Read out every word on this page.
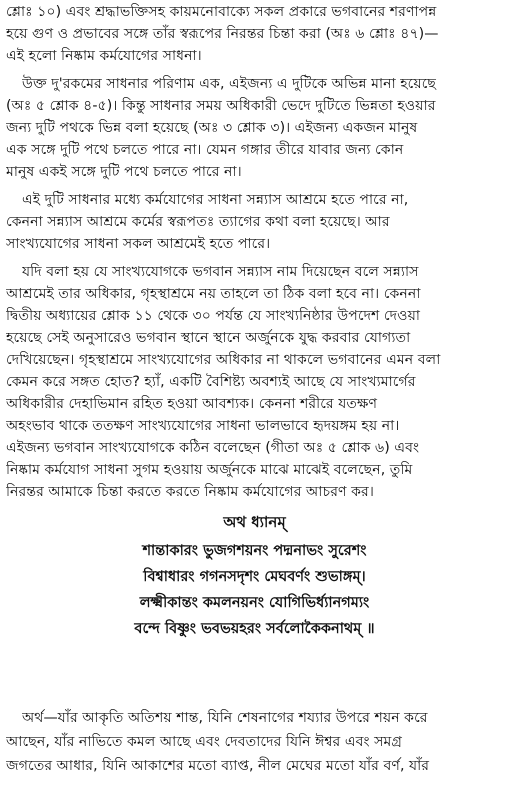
শ্লোঃ ১০) এবং শ্রদ্ধাভক্তিসহ কায়মনোবাক্যে সকল প্রকারে ভগবানের শরণাপন্ন
হয়ে গুণ ও প্রভাবের সঙ্গে তাঁর স্বরূপের নিরন্তর চিন্তা করা (অঃ ৬ শ্লোঃ ৪৭)—
এই হলো নিষ্কাম কর্মযোগের সাধনা।
উক্ত দু'রকমের সাধনার পরিণাম এক, এইজন্য এ দুটিকে অভিন্ন মানা হয়েছে
(অঃ ৫ শ্লোক ৪-৫)। কিন্তু সাধনার সময় অধিকারী ভেদে দুটিতে ভিন্নতা হওয়ার
জন্য দুটি পথকে ভিন্ন বলা হয়েছে (অঃ ৩ শ্লোক ৩)। এইজন্য একজন মানুষ
এক সঙ্গে দুটি পথে চলতে পারে না। যেমন গঙ্গার তীরে যাবার জন্য কোন
মানুষ একই সঙ্গে দুটি পথে চলতে পারে না।
এই দুটি সাধনার মধ্যে কর্মযোগের সাধনা সন্ন্যাস আশ্রমে হতে পারে না,
কেননা সন্ন্যাস আশ্রমে কর্মের স্বরূপতঃ ত্যাগের কথা বলা হয়েছে। আর
সাংখ্যযোগের সাধনা সকল আশ্রমেই হতে পারে।
যদি বলা হয় যে সাংখ্যযোগকে ভগবান সন্ন্যাস নাম দিয়েছেন বলে সন্ন্যাস
আশ্রমেই তার অধিকার, গৃহস্থাশ্রমে নয় তাহলে তা ঠিক বলা হবে না। কেননা
দ্বিতীয় অধ্যায়ের শ্লোক ১১ থেকে ৩০ পর্যন্ত যে সাংখ্যনিষ্ঠার উপদেশ দেওয়া
হয়েছে সেই অনুসারেও ভগবান স্থানে স্থানে অর্জুনকে যুদ্ধ করবার যোগ্যতা
দেখিয়েছেন। গৃহস্থাশ্রমে সাংখ্যযোগের অধিকার না থাকলে ভগবানের এমন বলা
কেমন করে সঙ্গত হোত? হ্যাঁ, একটি বৈশিষ্ট্য অবশ্যই আছে যে সাংখ্যমার্গের
অধিকারীর দেহাভিমান রহিত হওয়া আবশ্যক। কেননা শরীরে যতক্ষণ
অহংভাব থাকে ততক্ষণ সাংখ্যযোগের সাধনা ভালভাবে হৃদয়ঙ্গম হয় না।
এইজন্য ভগবান সাংখ্যযোগকে কঠিন বলেছেন (গীতা অঃ ৫ শ্লোক ৬) এবং
নিষ্কাম কর্মযোগ সাধনা সুগম হওয়ায় অর্জুনকে মাঝে মাঝেই বলেছেন, তুমি
নিরন্তর আমাকে চিন্তা করতে করতে নিষ্কাম কর্মযোগের আচরণ কর।
অথ ধ্যানম্
শান্তাকারং ভুজগশয়নং পদ্মনাভং সুরেশং
বিশ্বাধারং গগনসদৃশং মেঘবর্ণং শুভাঙ্গম্।
লক্ষ্মীকান্তং কমলনয়নং যোগিভির্ধ্যানগম্যং
বন্দে বিষ্ণুং ভবভয়হরং সর্বলোকৈকনাথম্ ॥
অর্থ—যাঁর আকৃতি অতিশয় শান্ত, যিনি শেষনাগের শয্যার উপরে শয়ন করে
আছেন, যাঁর নাভিতে কমল আছে এবং দেবতাদের যিনি ঈশ্বর এবং সমগ্র
জগতের আধার, যিনি আকাশের মতো ব্যাপ্ত, নীল মেঘের মতো যাঁর বর্ণ, যাঁর
